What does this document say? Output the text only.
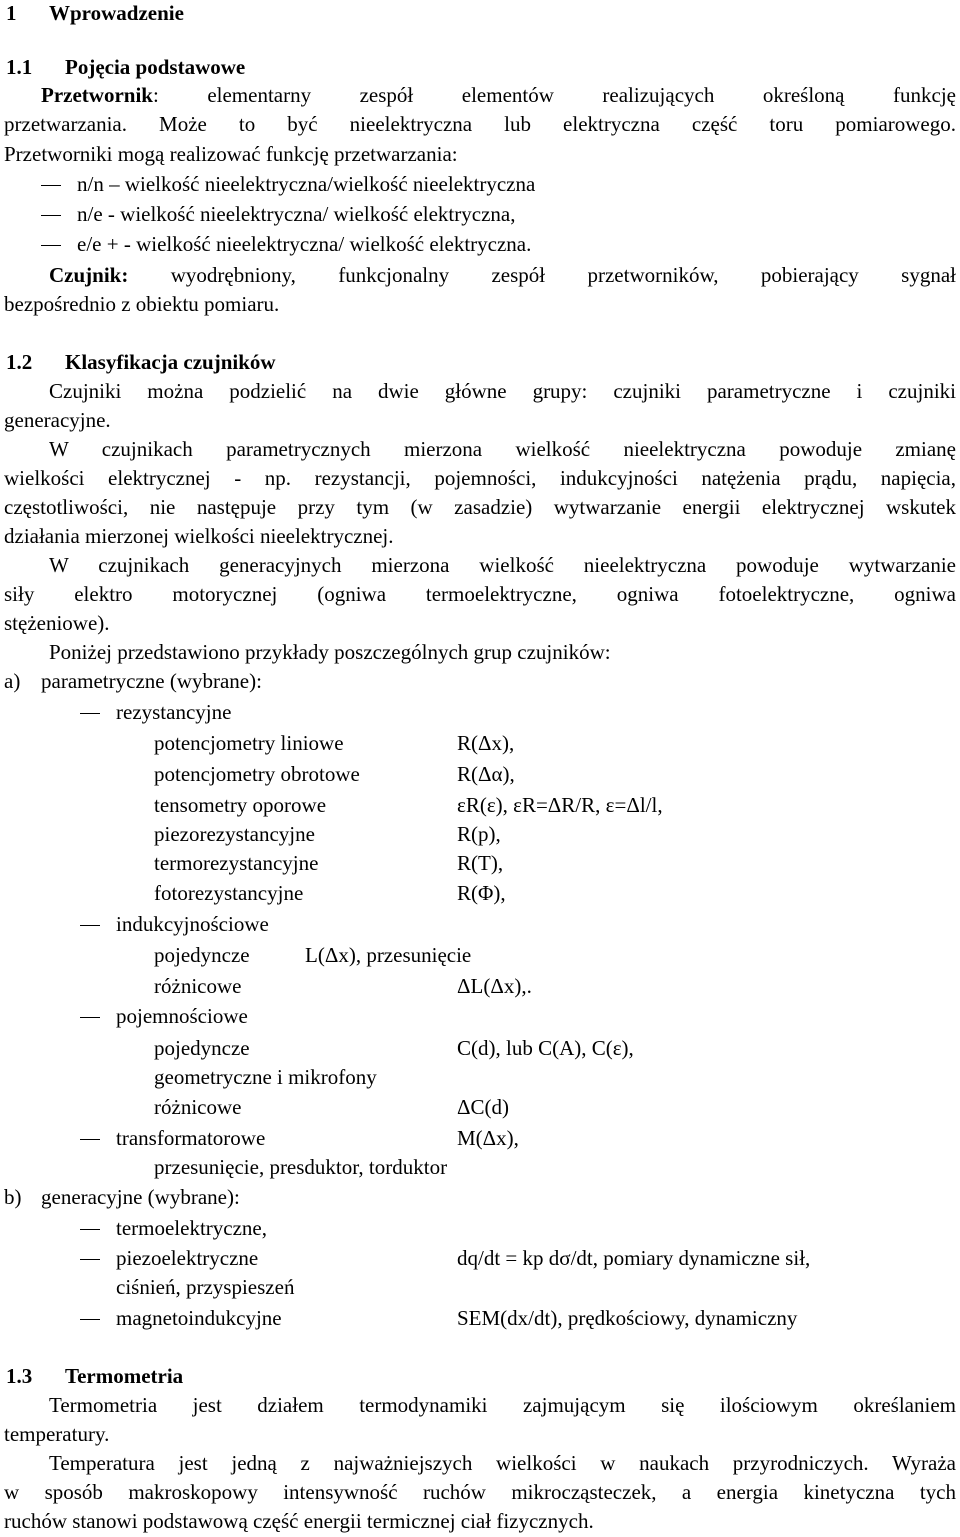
1 Wprowadzenie
1.1 Pojęcia podstawowe
Przetwornik: elementarny zespół elementów realizujących określoną funkcję
przetwarzania. Może to być nieelektryczna lub elektryczna część toru pomiarowego.
Przetworniki mogą realizować funkcję przetwarzania:
n/n – wielkość nieelektryczna/wielkość nieelektryczna
n/e - wielkość nieelektryczna/ wielkość elektryczna,
e/e + - wielkość nieelektryczna/ wielkość elektryczna.
Czujnik: wyodrębniony, funkcjonalny zespół przetworników, pobierający sygnał
bezpośrednio z obiektu pomiaru.
1.2 Klasyfikacja czujników
Czujniki można podzielić na dwie główne grupy: czujniki parametryczne i czujniki
generacyjne.
W czujnikach parametrycznych mierzona wielkość nieelektryczna powoduje zmianę
wielkości elektrycznej - np. rezystancji, pojemności, indukcyjności natężenia prądu, napięcia,
częstotliwości, nie następuje przy tym (w zasadzie) wytwarzanie energii elektrycznej wskutek
działania mierzonej wielkości nieelektrycznej.
W czujnikach generacyjnych mierzona wielkość nieelektryczna powoduje wytwarzanie
siły elektro motorycznej (ogniwa termoelektryczne, ogniwa fotoelektryczne, ogniwa
stężeniowe).
Poniżej przedstawiono przykłady poszczególnych grup czujników:
a) parametryczne (wybrane):
rezystancyjne
potencjometry liniowe	R(Δx),
potencjometry obrotowe	R(Δα),
tensometry oporowe	εR(ε), εR=ΔR/R, ε=Δl/l,
piezorezystancyjne	R(p),
termorezystancyjne	R(T),
fotorezystancyjne	R(Φ),
indukcyjnościowe
pojedyncze	L(Δx), przesunięcie
różnicowe	ΔL(Δx),.
pojemnościowe
pojedyncze	C(d), lub C(A), C(ε),
geometryczne i mikrofony
różnicowe	ΔC(d)
transformatorowe	M(Δx),
przesunięcie, presduktor, torduktor
b) generacyjne (wybrane):
termoelektryczne,
piezoelektryczne	dq/dt = kp dσ/dt, pomiary dynamiczne sił,
ciśnień, przyspieszeń
magnetoindukcyjne	SEM(dx/dt), prędkościowy, dynamiczny
1.3 Termometria
Termometria jest działem termodynamiki zajmującym się ilościowym określaniem
temperatury.
Temperatura jest jedną z najważniejszych wielkości w naukach przyrodniczych. Wyraża
w sposób makroskopowy intensywność ruchów mikrocząsteczek, a energia kinetyczna tych
ruchów stanowi podstawową część energii termicznej ciał fizycznych.
